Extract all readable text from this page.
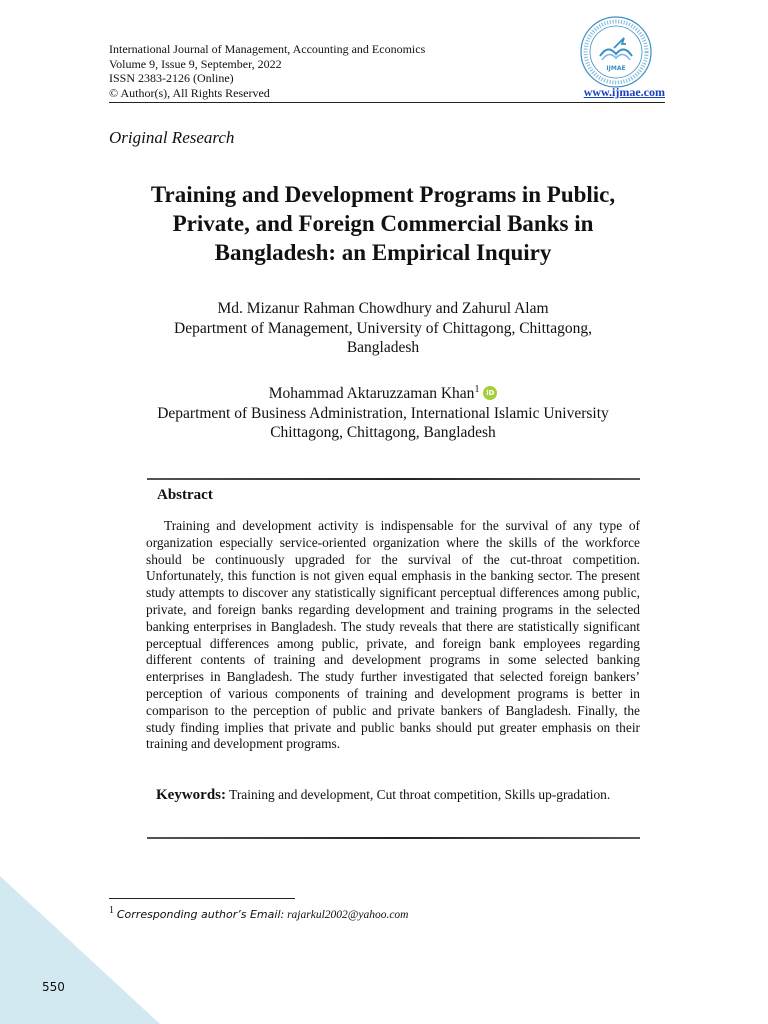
International Journal of Management, Accounting and Economics
Volume 9, Issue 9, September, 2022
ISSN 2383-2126 (Online)
© Author(s), All Rights Reserved	www.ijmae.com
IJMAE
Original Research
Training and Development Programs in Public,
Private, and Foreign Commercial Banks in
Bangladesh: an Empirical Inquiry
Md. Mizanur Rahman Chowdhury and Zahurul Alam
Department of Management, University of Chittagong, Chittagong,
Bangladesh
Mohammad Aktaruzzaman Khan$^1$ iD
Department of Business Administration, International Islamic University
Chittagong, Chittagong, Bangladesh
Abstract
Training and development activity is indispensable for the survival of any type of organization especially service-oriented organization where the skills of the workforce should be continuously upgraded for the survival of the cut-throat competition. Unfortunately, this function is not given equal emphasis in the banking sector. The present study attempts to discover any statistically significant perceptual differences among public, private, and foreign banks regarding development and training programs in the selected banking enterprises in Bangladesh. The study reveals that there are statistically significant perceptual differences among public, private, and foreign bank employees regarding different contents of training and development programs in some selected banking enterprises in Bangladesh. The study further investigated that selected foreign bankers’ perception of various components of training and development programs is better in comparison to the perception of public and private bankers of Bangladesh. Finally, the study finding implies that private and public banks should put greater emphasis on their training and development programs.
Keywords: Training and development, Cut throat competition, Skills up-gradation.
$^1$ Corresponding author’s Email: rajarkul2002@yahoo.com
550
